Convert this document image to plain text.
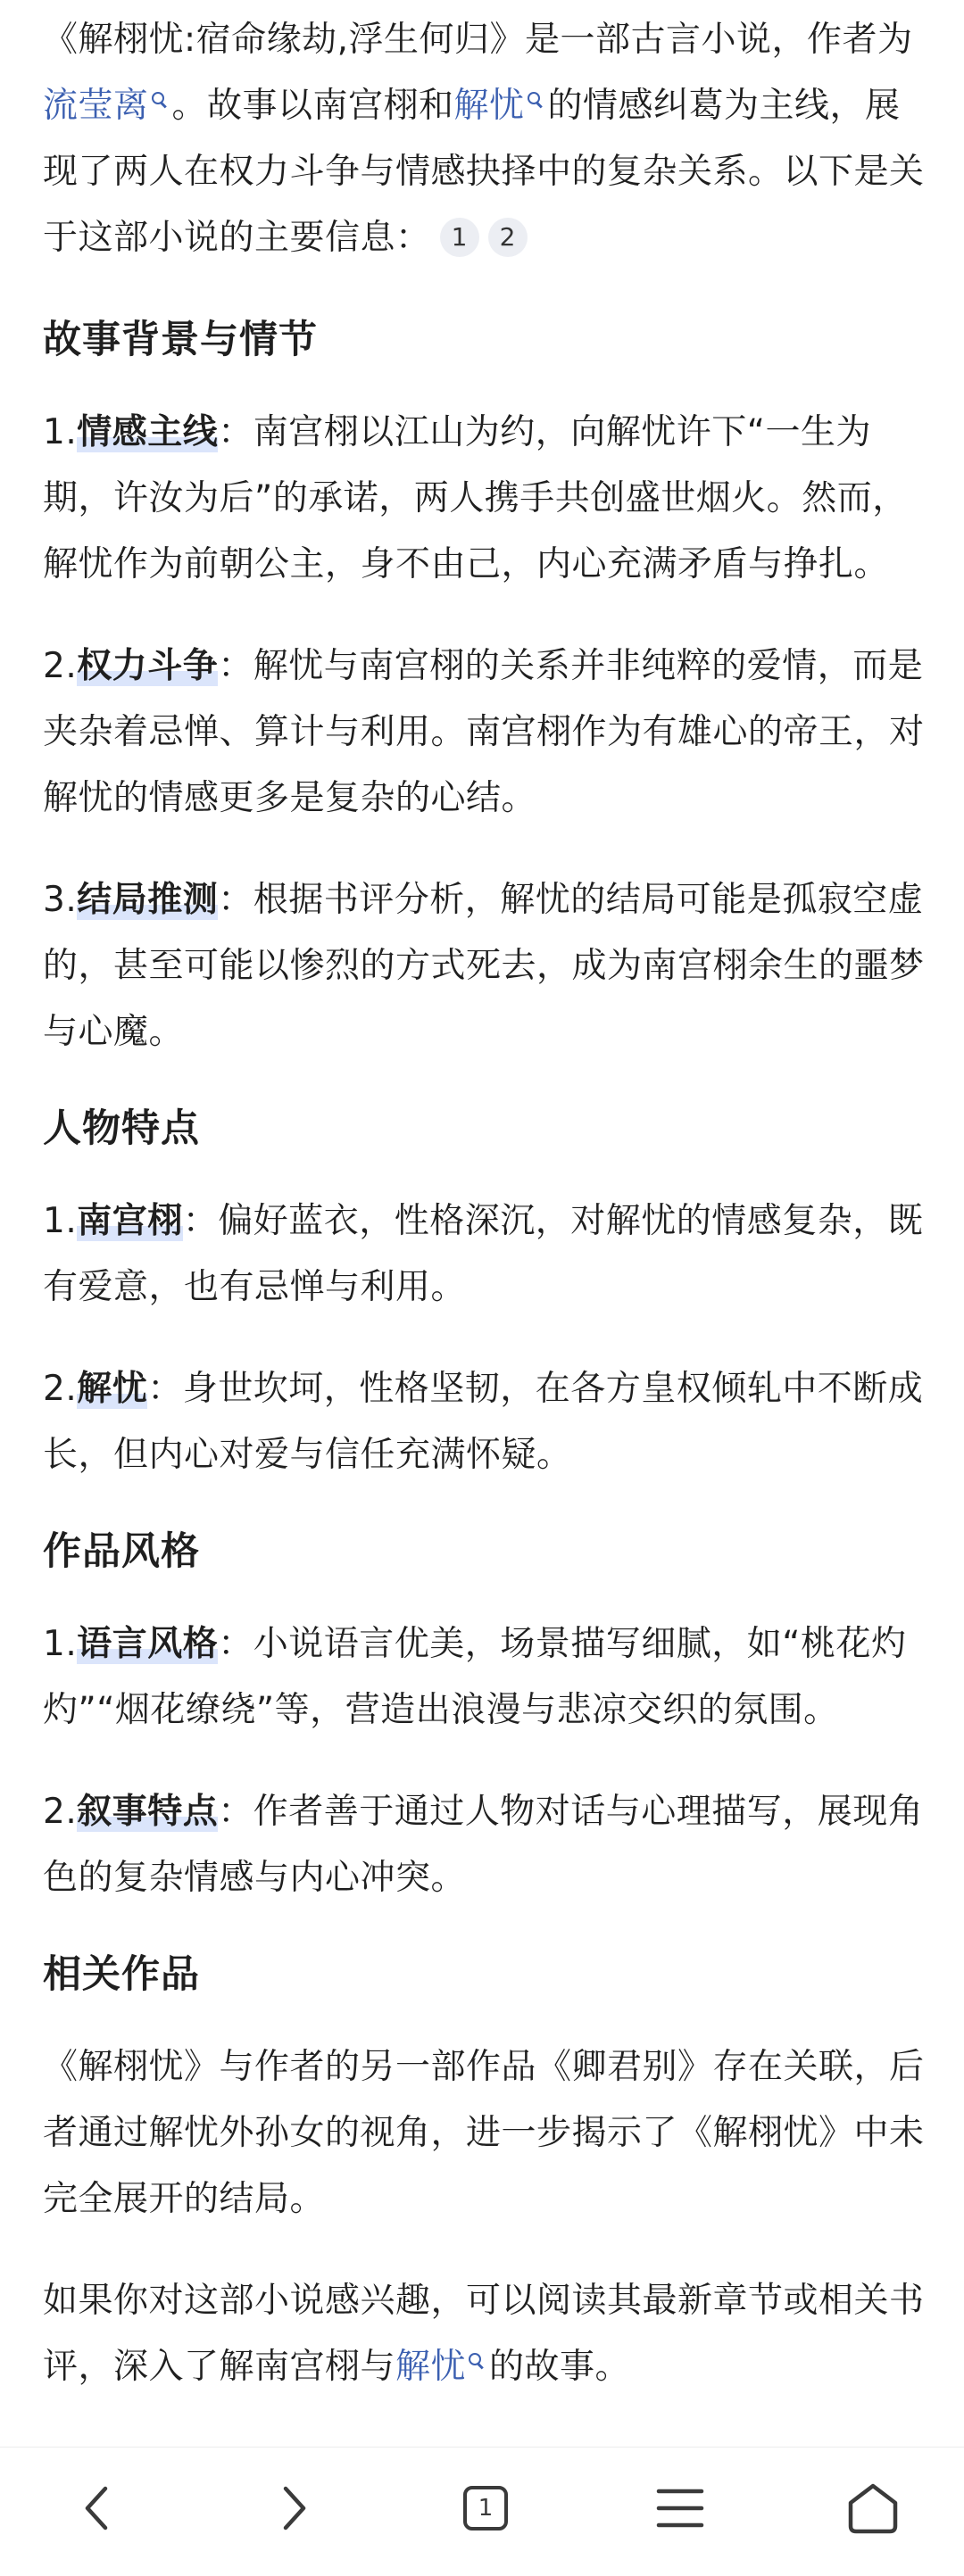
《解栩忧:宿命缘劫,浮生何归》是一部古言小说，作者为流莹离 。故事以南宫栩和解忧 的情感纠葛为主线，展现了两人在权力斗争与情感抉择中的复杂关系。以下是关于这部小说的主要信息： 1 2

故事背景与情节

1.情感主线：南宫栩以江山为约，向解忧许下“一生为期，许汝为后”的承诺，两人携手共创盛世烟火。然而，解忧作为前朝公主，身不由己，内心充满矛盾与挣扎。

2.权力斗争：解忧与南宫栩的关系并非纯粹的爱情，而是夹杂着忌惮、算计与利用。南宫栩作为有雄心的帝王，对解忧的情感更多是复杂的心结。

3.结局推测：根据书评分析，解忧的结局可能是孤寂空虚的，甚至可能以惨烈的方式死去，成为南宫栩余生的噩梦与心魔。

人物特点

1.南宫栩：偏好蓝衣，性格深沉，对解忧的情感复杂，既有爱意，也有忌惮与利用。

2.解忧：身世坎坷，性格坚韧，在各方皇权倾轧中不断成长，但内心对爱与信任充满怀疑。

作品风格

1.语言风格：小说语言优美，场景描写细腻，如“桃花灼灼”“烟花缭绕”等，营造出浪漫与悲凉交织的氛围。

2.叙事特点：作者善于通过人物对话与心理描写，展现角色的复杂情感与内心冲突。

相关作品

《解栩忧》与作者的另一部作品《卿君别》存在关联，后者通过解忧外孙女的视角，进一步揭示了《解栩忧》中未完全展开的结局。

如果你对这部小说感兴趣，可以阅读其最新章节或相关书评，深入了解南宫栩与解忧 的故事。

1
